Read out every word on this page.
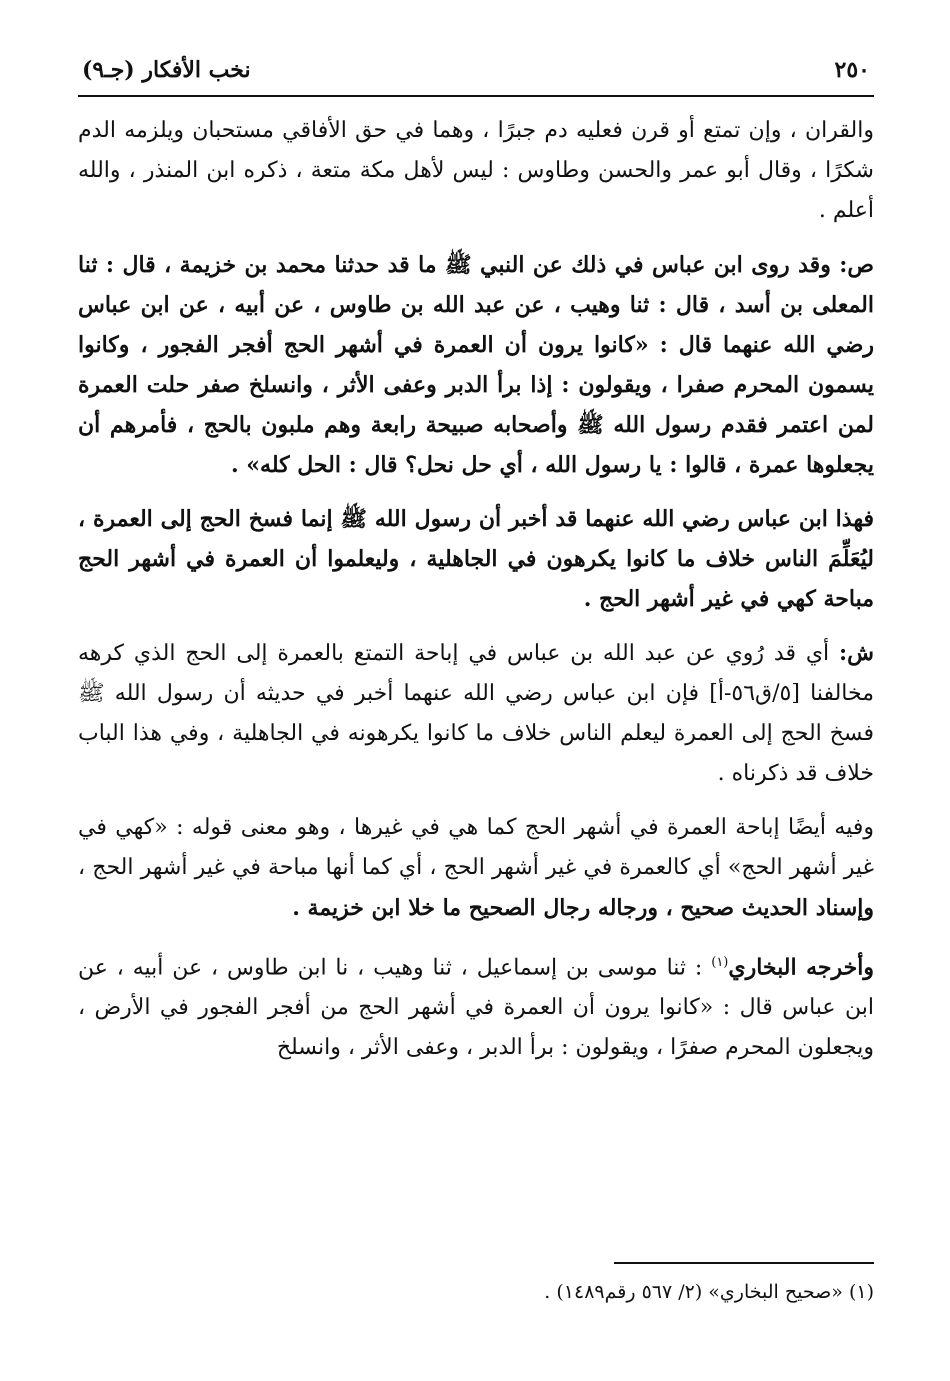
٢٥٠
نخب الأفكار (جـ٩)

والقران ، وإن تمتع أو قرن فعليه دم جبرًا ، وهما في حق الأفاقي مستحبان ويلزمه الدم شكرًا ، وقال أبو عمر والحسن وطاوس : ليس لأهل مكة متعة ، ذكره ابن المنذر ، والله أعلم .

ص: وقد روى ابن عباس في ذلك عن النبي ﷺ ما قد حدثنا محمد بن خزيمة ، قال : ثنا المعلى بن أسد ، قال : ثنا وهيب ، عن عبد الله بن طاوس ، عن أبيه ، عن ابن عباس رضي الله عنهما قال : «كانوا يرون أن العمرة في أشهر الحج أفجر الفجور ، وكانوا يسمون المحرم صفرا ، ويقولون : إذا برأ الدبر وعفى الأثر ، وانسلخ صفر حلت العمرة لمن اعتمر فقدم رسول الله ﷺ وأصحابه صبيحة رابعة وهم ملبون بالحج ، فأمرهم أن يجعلوها عمرة ، قالوا : يا رسول الله ، أي حل نحل؟ قال : الحل كله» .

فهذا ابن عباس رضي الله عنهما قد أخبر أن رسول الله ﷺ إنما فسخ الحج إلى العمرة ، ليُعَلِّمَ الناس خلاف ما كانوا يكرهون في الجاهلية ، وليعلموا أن العمرة في أشهر الحج مباحة كهي في غير أشهر الحج .

ش: أي قد رُوي عن عبد الله بن عباس في إباحة التمتع بالعمرة إلى الحج الذي كرهه مخالفنا [٥/ق٥٦-أ] فإن ابن عباس رضي الله عنهما أخبر في حديثه أن رسول الله ﷺ فسخ الحج إلى العمرة ليعلم الناس خلاف ما كانوا يكرهونه في الجاهلية ، وفي هذا الباب خلاف قد ذكرناه .

وفيه أيضًا إباحة العمرة في أشهر الحج كما هي في غيرها ، وهو معنى قوله : «كهي في غير أشهر الحج» أي كالعمرة في غير أشهر الحج ، أي كما أنها مباحة في غير أشهر الحج ، وإسناد الحديث صحيح ، ورجاله رجال الصحيح ما خلا ابن خزيمة .

وأخرجه البخاري$^{(١)}$ : ثنا موسى بن إسماعيل ، ثنا وهيب ، نا ابن طاوس ، عن أبيه ، عن ابن عباس قال : «كانوا يرون أن العمرة في أشهر الحج من أفجر الفجور في الأرض ، ويجعلون المحرم صفرًا ، ويقولون : برأ الدبر ، وعفى الأثر ، وانسلخ

(١) «صحيح البخاري» (٢/ ٥٦٧ رقم١٤٨٩) .
